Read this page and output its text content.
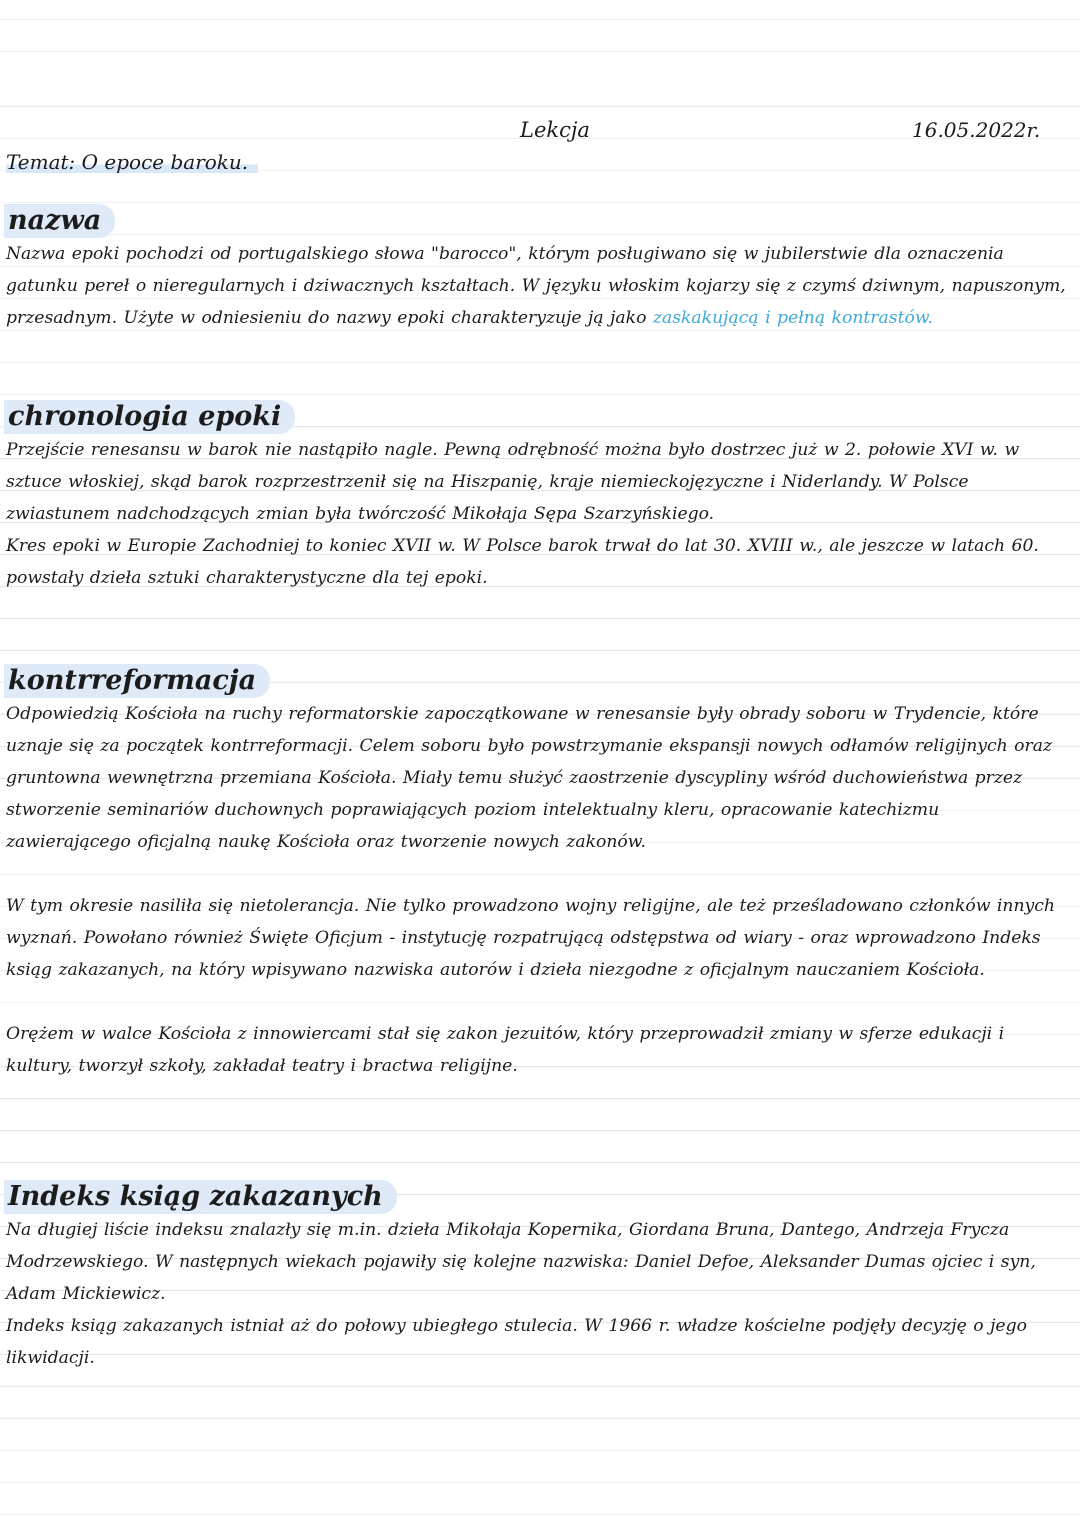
Lekcja	16.05.2022r.
Temat: O epoce baroku.
nazwa

Nazwa epoki pochodzi od portugalskiego słowa "barocco", którym posługiwano się w jubilerstwie dla oznaczenia gatunku pereł o nieregularnych i dziwacznych kształtach. W języku włoskim kojarzy się z czymś dziwnym, napuszonym, przesadnym. Użyte w odniesieniu do nazwy epoki charakteryzuje ją jako zaskakującą i pełną kontrastów.

chronologia epoki

Przejście renesansu w barok nie nastąpiło nagle. Pewną odrębność można było dostrzec już w 2. połowie XVI w. w sztuce włoskiej, skąd barok rozprzestrzenił się na Hiszpanię, kraje niemieckojęzyczne i Niderlandy. W Polsce zwiastunem nadchodzących zmian była twórczość Mikołaja Sępa Szarzyńskiego.

Kres epoki w Europie Zachodniej to koniec XVII w. W Polsce barok trwał do lat 30. XVIII w., ale jeszcze w latach 60. powstały dzieła sztuki charakterystyczne dla tej epoki.

kontrreformacja

Odpowiedzią Kościoła na ruchy reformatorskie zapoczątkowane w renesansie były obrady soboru w Trydencie, które uznaje się za początek kontrreformacji. Celem soboru było powstrzymanie ekspansji nowych odłamów religijnych oraz gruntowna wewnętrzna przemiana Kościoła. Miały temu służyć zaostrzenie dyscypliny wśród duchowieństwa przez stworzenie seminariów duchownych poprawiających poziom intelektualny kleru, opracowanie katechizmu zawierającego oficjalną naukę Kościoła oraz tworzenie nowych zakonów.

W tym okresie nasiliła się nietolerancja. Nie tylko prowadzono wojny religijne, ale też prześladowano członków innych wyznań. Powołano również Święte Oficjum - instytucję rozpatrującą odstępstwa od wiary - oraz wprowadzono Indeks ksiąg zakazanych, na który wpisywano nazwiska autorów i dzieła niezgodne z oficjalnym nauczaniem Kościoła.

Orężem w walce Kościoła z innowiercami stał się zakon jezuitów, który przeprowadził zmiany w sferze edukacji i kultury, tworzył szkoły, zakładał teatry i bractwa religijne.

Indeks ksiąg zakazanych

Na długiej liście indeksu znalazły się m.in. dzieła Mikołaja Kopernika, Giordana Bruna, Dantego, Andrzeja Frycza Modrzewskiego. W następnych wiekach pojawiły się kolejne nazwiska: Daniel Defoe, Aleksander Dumas ojciec i syn, Adam Mickiewicz.

Indeks ksiąg zakazanych istniał aż do połowy ubiegłego stulecia. W 1966 r. władze kościelne podjęły decyzję o jego likwidacji.
